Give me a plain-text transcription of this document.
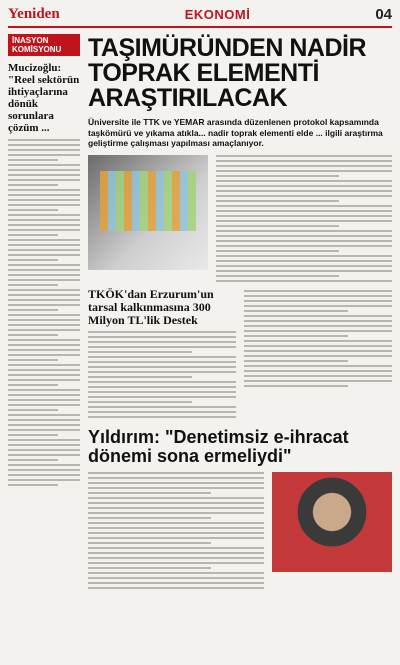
Yeniden	EKONOMİ	04
İNASYON KOMİSYONU
Mucizoğlu: "Reel sektörün ihtiyaçlarına dönük sorunlara çözüm ...
TAŞIMÜRÜNDEN NADİR TOPRAK ELEMENTİ ARAŞTIRILACAK
Üniversite ile TTK ve YEMAR arasında düzenlenen protokol kapsamında taşkömürü ve yıkama atıkla... nadir toprak elementi elde ... ilgili araştırma geliştirme çalışması yapılması amaçlanıyor.
TKÖK'dan Erzurum'un tarsal kalkınmasına 300 Milyon TL'lik Destek
Yıldırım: "Denetimsiz e-ihracat dönemi sona ermeliydi"
